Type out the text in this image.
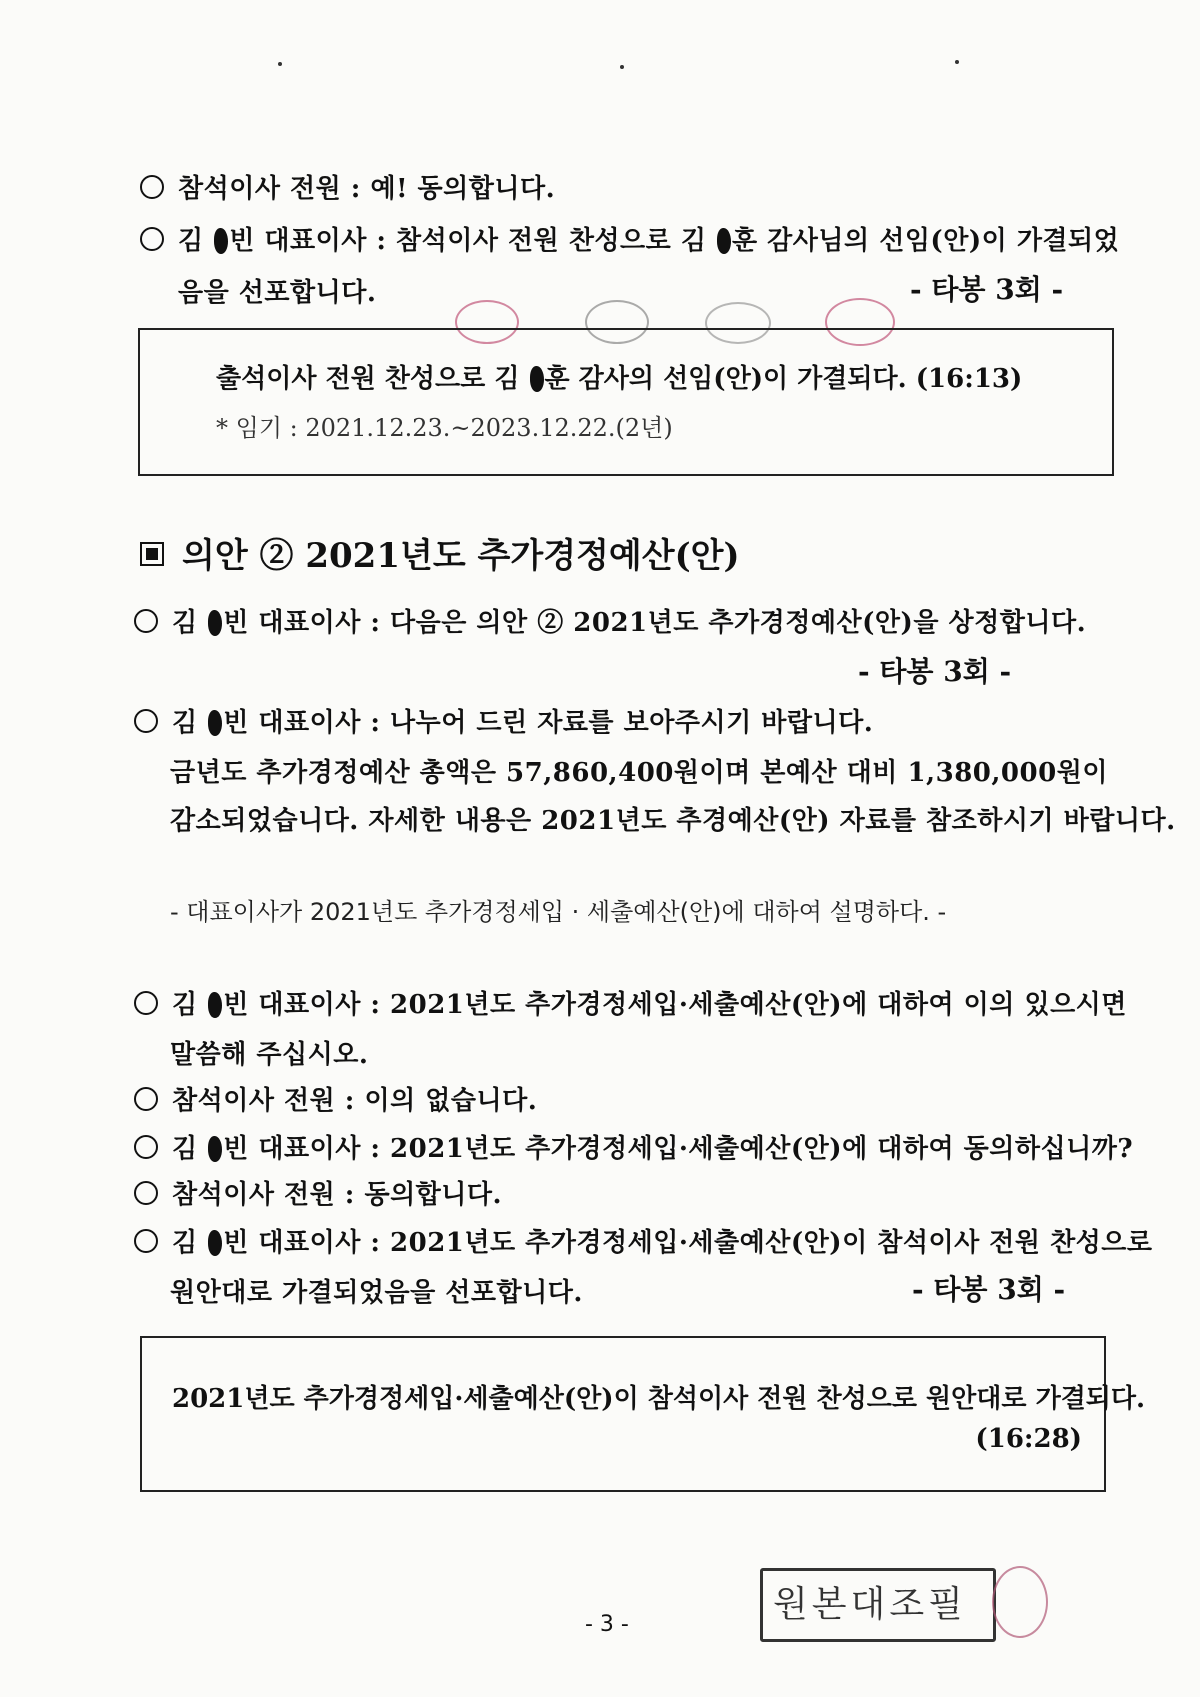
참석이사 전원 : 예! 동의합니다.
김 빈 대표이사 : 참석이사 전원 찬성으로 김 훈 감사님의 선임(안)이 가결되었
음을 선포합니다.	- 타봉 3회 -
출석이사 전원 찬성으로 김 훈 감사의 선임(안)이 가결되다. (16:13)
* 임기 : 2021.12.23.~2023.12.22.(2년)
의안 ② 2021년도 추가경정예산(안)
김 빈 대표이사 : 다음은 의안 ② 2021년도 추가경정예산(안)을 상정합니다.
- 타봉 3회 -
김 빈 대표이사 : 나누어 드린 자료를 보아주시기 바랍니다.
금년도 추가경정예산 총액은 57,860,400원이며 본예산 대비 1,380,000원이
감소되었습니다. 자세한 내용은 2021년도 추경예산(안) 자료를 참조하시기 바랍니다.
- 대표이사가 2021년도 추가경정세입 · 세출예산(안)에 대하여 설명하다. -
김 빈 대표이사 : 2021년도 추가경정세입·세출예산(안)에 대하여 이의 있으시면
말씀해 주십시오.
참석이사 전원 : 이의 없습니다.
김 빈 대표이사 : 2021년도 추가경정세입·세출예산(안)에 대하여 동의하십니까?
참석이사 전원 : 동의합니다.
김 빈 대표이사 : 2021년도 추가경정세입·세출예산(안)이 참석이사 전원 찬성으로
원안대로 가결되었음을 선포합니다.	- 타봉 3회 -
2021년도 추가경정세입·세출예산(안)이 참석이사 전원 찬성으로 원안대로 가결되다.
(16:28)
- 3 -	원본대조필
